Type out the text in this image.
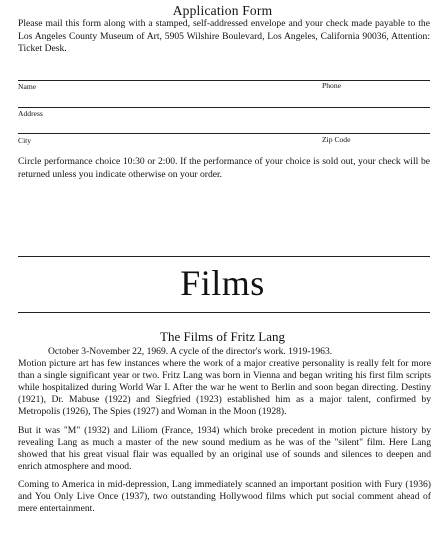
Application Form
Please mail this form along with a stamped, self-addressed envelope and your check made payable to the Los Angeles County Museum of Art, 5905 Wilshire Boulevard, Los Angeles, California 90036, Attention: Ticket Desk.
Name	Phone
Address
City	Zip Code
Circle performance choice 10:30 or 2:00. If the performance of your choice is sold out, your check will be returned unless you indicate otherwise on your order.
Films
The Films of Fritz Lang

October 3-November 22, 1969. A cycle of the director's work. 1919-1963.

Motion picture art has few instances where the work of a major creative personality is really felt for more than a single significant year or two. Fritz Lang was born in Vienna and began writing his first film scripts while hospitalized during World War I. After the war he went to Berlin and soon began directing. Destiny (1921), Dr. Mabuse (1922) and Siegfried (1923) established him as a major talent, confirmed by Metropolis (1926), The Spies (1927) and Woman in the Moon (1928).

But it was "M" (1932) and Liliom (France, 1934) which broke precedent in motion picture history by revealing Lang as much a master of the new sound medium as he was of the "silent" film. Here Lang showed that his great visual flair was equalled by an original use of sounds and silences to deepen and enrich atmosphere and mood.

Coming to America in mid-depression, Lang immediately scanned an important position with Fury (1936) and You Only Live Once (1937), two outstanding Hollywood films which put social comment ahead of mere entertainment.
